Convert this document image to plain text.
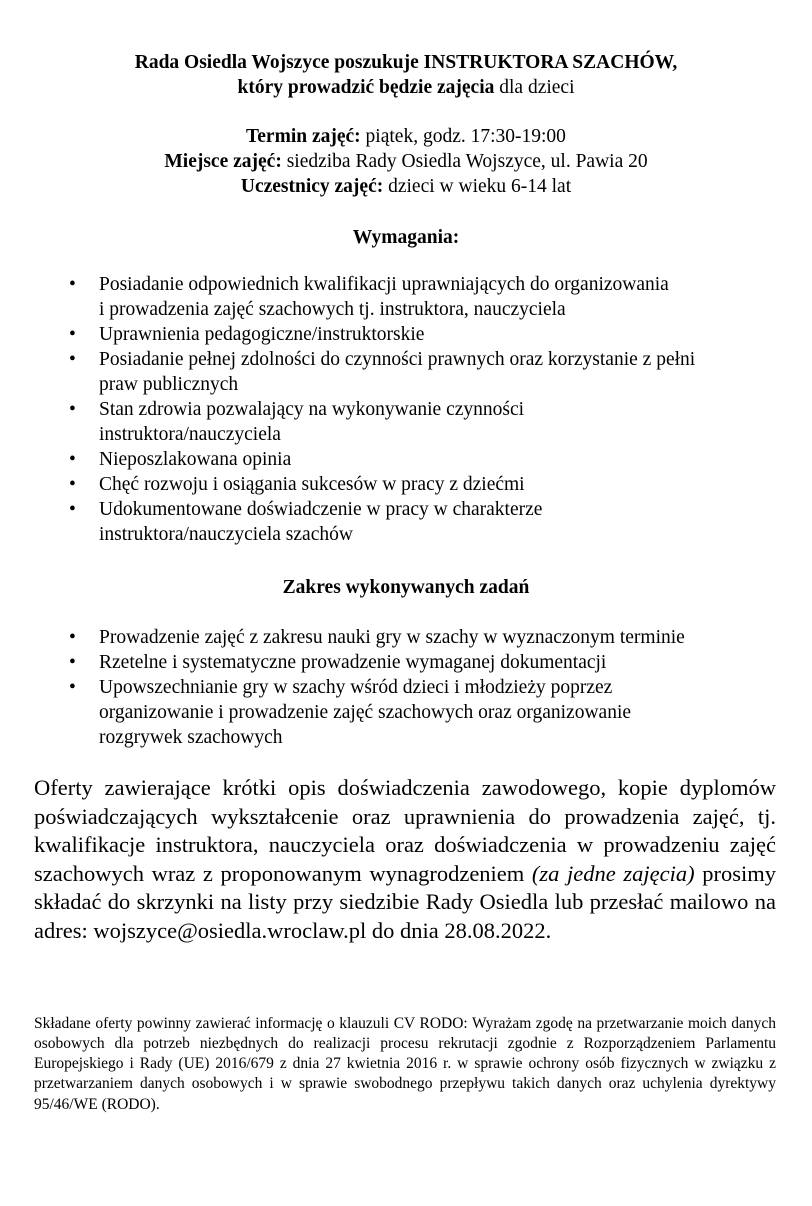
Rada Osiedla Wojszyce poszukuje INSTRUKTORA SZACHÓW,
który prowadzić będzie zajęcia dla dzieci
Termin zajęć: piątek, godz. 17:30-19:00
Miejsce zajęć: siedziba Rady Osiedla Wojszyce, ul. Pawia 20
Uczestnicy zajęć: dzieci w wieku 6-14 lat
Wymagania:
• Posiadanie odpowiednich kwalifikacji uprawniających do organizowania
i prowadzenia zajęć szachowych tj. instruktora, nauczyciela
• Uprawnienia pedagogiczne/instruktorskie
• Posiadanie pełnej zdolności do czynności prawnych oraz korzystanie z pełni
praw publicznych
• Stan zdrowia pozwalający na wykonywanie czynności
instruktora/nauczyciela
• Nieposzlakowana opinia
• Chęć rozwoju i osiągania sukcesów w pracy z dziećmi
• Udokumentowane doświadczenie w pracy w charakterze
instruktora/nauczyciela szachów
Zakres wykonywanych zadań
• Prowadzenie zajęć z zakresu nauki gry w szachy w wyznaczonym terminie
• Rzetelne i systematyczne prowadzenie wymaganej dokumentacji
• Upowszechnianie gry w szachy wśród dzieci i młodzieży poprzez
organizowanie i prowadzenie zajęć szachowych oraz organizowanie
rozgrywek szachowych

Oferty zawierające krótki opis doświadczenia zawodowego, kopie dyplomów poświadczających wykształcenie oraz uprawnienia do prowadzenia zajęć, tj. kwalifikacje instruktora, nauczyciela oraz doświadczenia w prowadzeniu zajęć szachowych wraz z proponowanym wynagrodzeniem (za jedne zajęcia) prosimy składać do skrzynki na listy przy siedzibie Rady Osiedla lub przesłać mailowo na adres: wojszyce@osiedla.wroclaw.pl do dnia 28.08.2022.

Składane oferty powinny zawierać informację o klauzuli CV RODO: Wyrażam zgodę na przetwarzanie moich danych osobowych dla potrzeb niezbędnych do realizacji procesu rekrutacji zgodnie z Rozporządzeniem Parlamentu Europejskiego i Rady (UE) 2016/679 z dnia 27 kwietnia 2016 r. w sprawie ochrony osób fizycznych w związku z przetwarzaniem danych osobowych i w sprawie swobodnego przepływu takich danych oraz uchylenia dyrektywy 95/46/WE (RODO).
